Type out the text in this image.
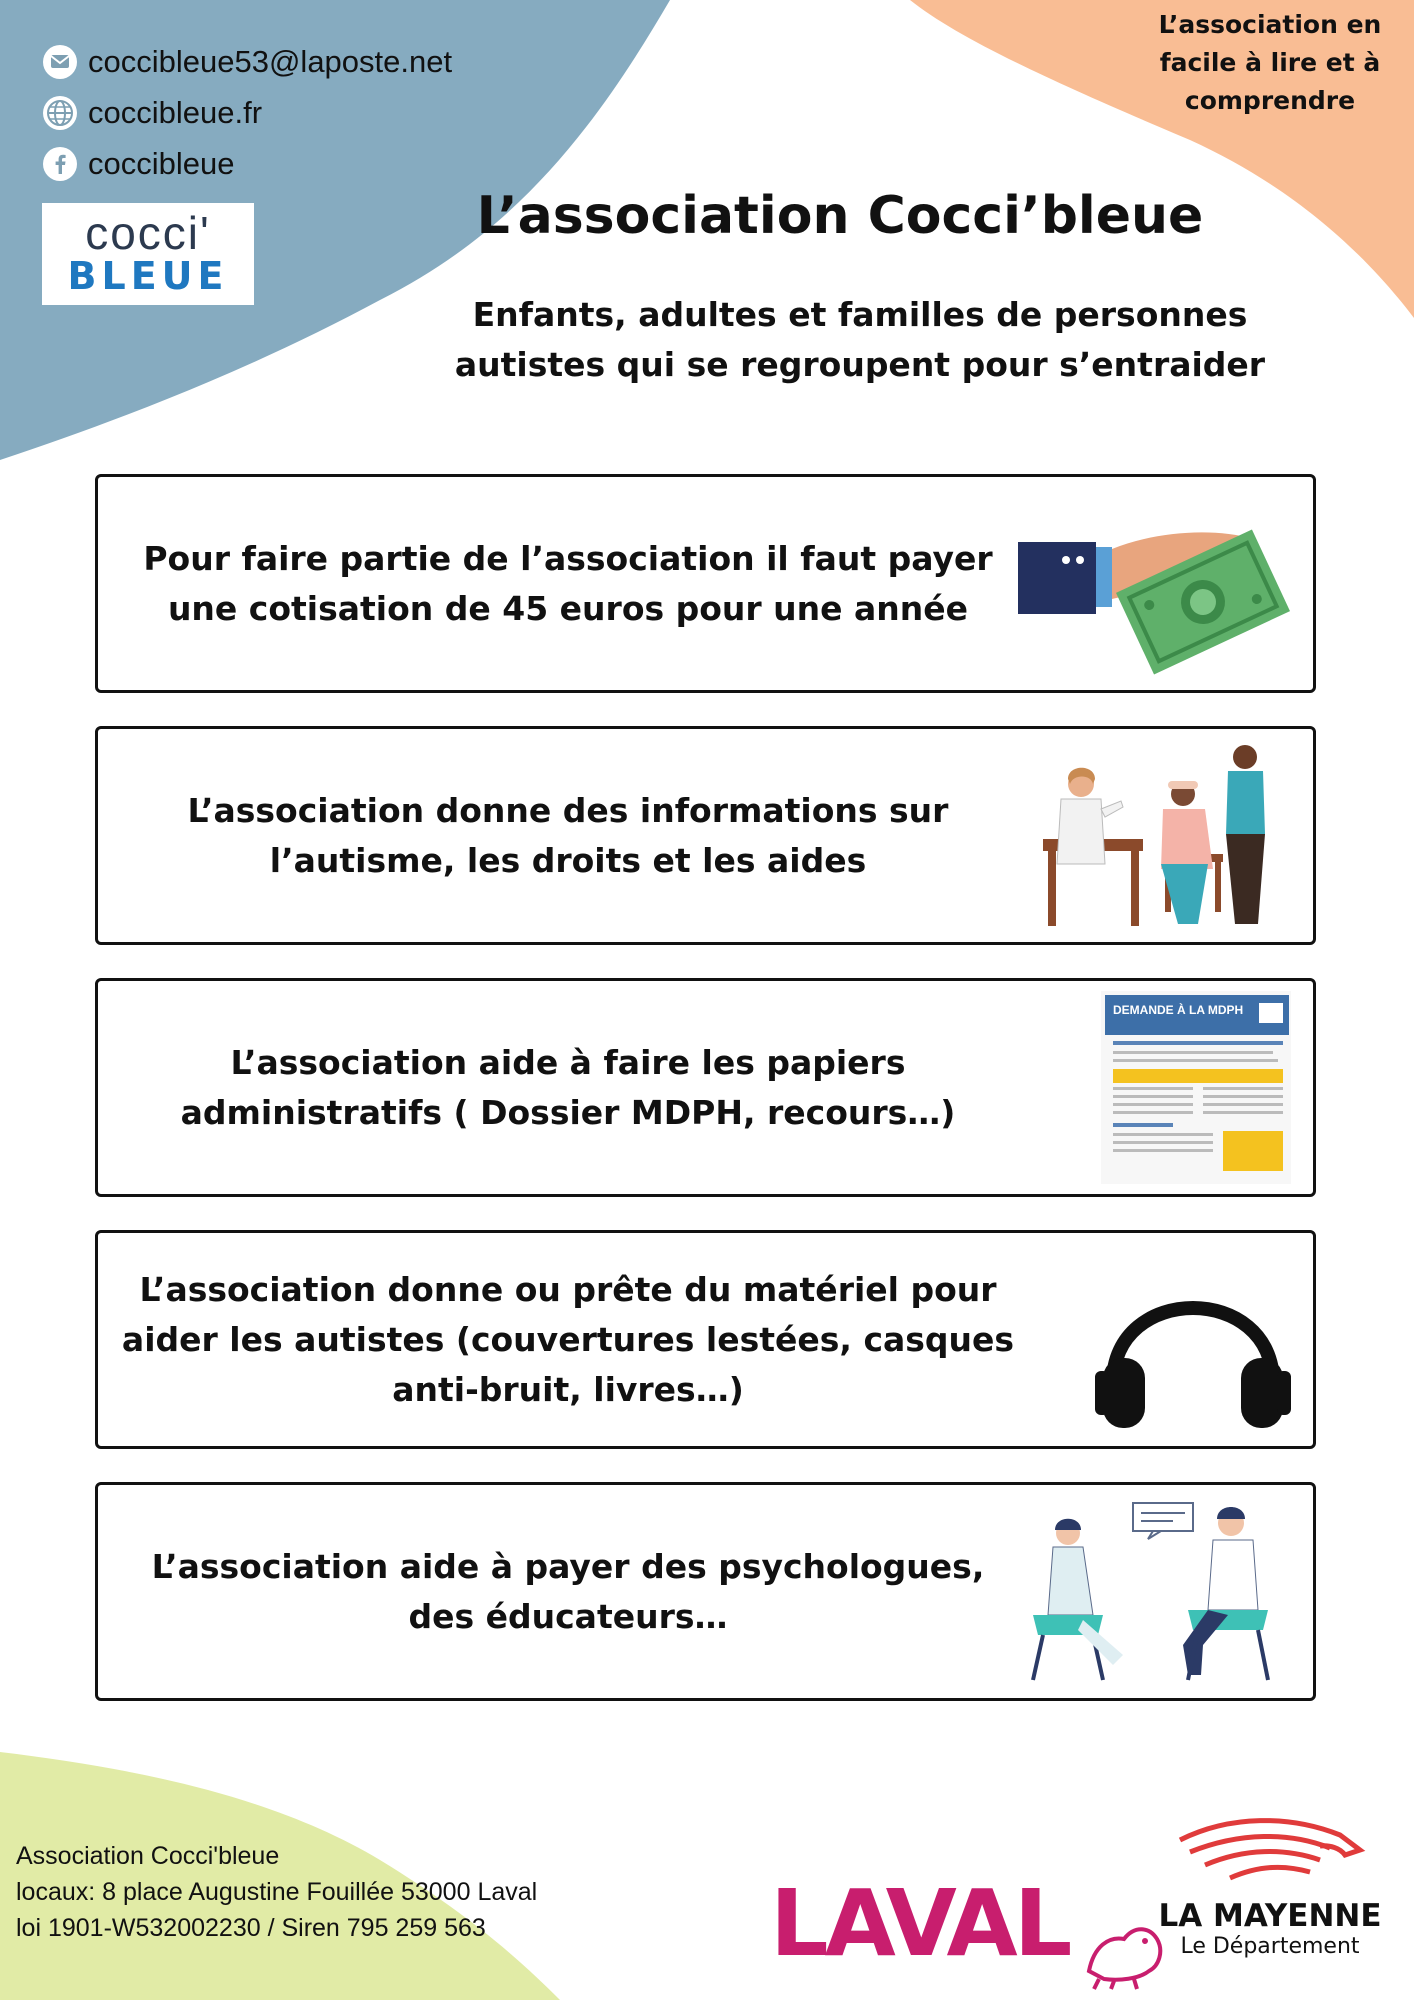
coccibleue53@laposte.net
coccibleue.fr
coccibleue
cocci'
BLEUE
L’association en facile à lire et à comprendre
L’association Cocci’bleue

Enfants, adultes et familles de personnes autistes qui se regroupent pour s’entraider

Pour faire partie de l’association il faut payer une cotisation de 45 euros pour une année
L’association donne des informations sur l’autisme, les droits et les aides
L’association aide à faire les papiers administratifs ( Dossier MDPH, recours…)
DEMANDE À LA MDPH
L’association donne ou prête du matériel pour aider les autistes (couvertures lestées, casques anti-bruit, livres…)
L’association aide à payer des psychologues, des éducateurs…
Association Cocci'bleue
locaux: 8 place Augustine Fouillée 53000 Laval
loi 1901-W532002230 / Siren 795 259 563	LAVAL	LA MAYENNE
Le Département
